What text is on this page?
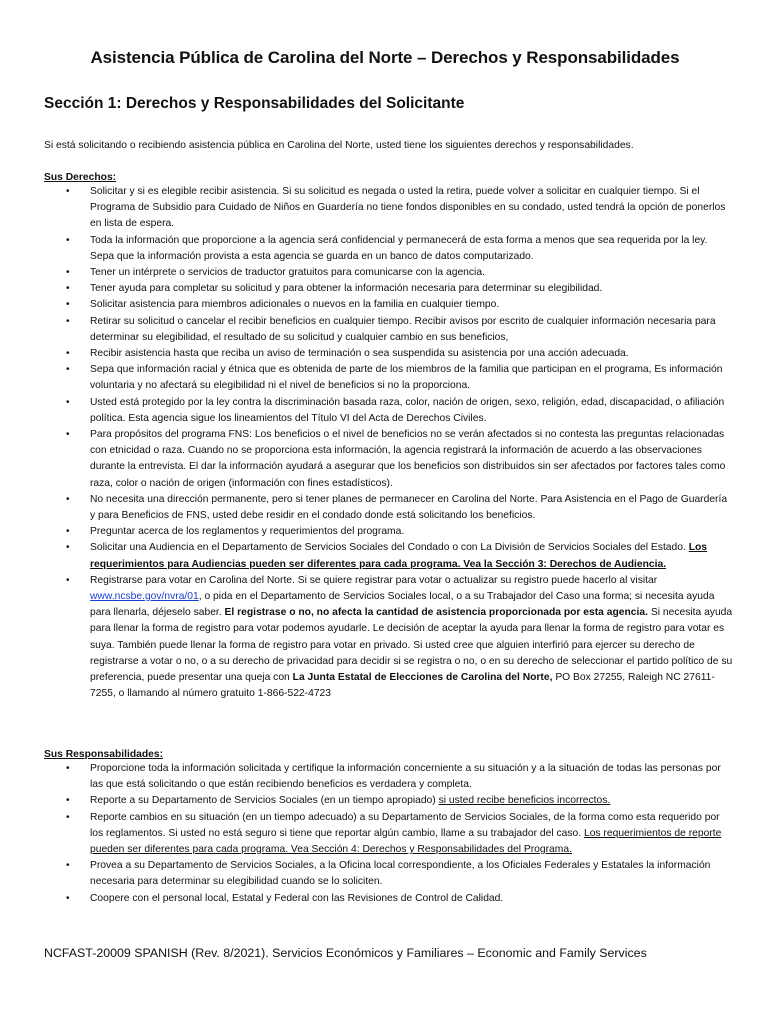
Asistencia Pública de Carolina del Norte – Derechos y Responsabilidades
Sección 1: Derechos y Responsabilidades del Solicitante
Si está solicitando o recibiendo asistencia pública en Carolina del Norte, usted tiene los siguientes derechos y responsabilidades.
Sus Derechos:
• Solicitar y si es elegible recibir asistencia. Si su solicitud es negada o usted la retira, puede volver a solicitar en cualquier tiempo. Si el Programa de Subsidio para Cuidado de Niños en Guardería no tiene fondos disponibles en su condado, usted tendrá la opción de ponerlos en lista de espera.
• Toda la información que proporcione a la agencia será confidencial y permanecerá de esta forma a menos que sea requerida por la ley. Sepa que la información provista a esta agencia se guarda en un banco de datos computarizado.
• Tener un intérprete o servicios de traductor gratuitos para comunicarse con la agencia.
• Tener ayuda para completar su solicitud y para obtener la información necesaria para determinar su elegibilidad.
• Solicitar asistencia para miembros adicionales o nuevos en la familia en cualquier tiempo.
• Retirar su solicitud o cancelar el recibir beneficios en cualquier tiempo. Recibir avisos por escrito de cualquier información necesaria para determinar su elegibilidad, el resultado de su solicitud y cualquier cambio en sus beneficios,
• Recibir asistencia hasta que reciba un aviso de terminación o sea suspendida su asistencia por una acción adecuada.
• Sepa que información racial y étnica que es obtenida de parte de los miembros de la familia que participan en el programa, Es información voluntaria y no afectará su elegibilidad ni el nivel de beneficios si no la proporciona.
• Usted está protegido por la ley contra la discriminación basada raza, color, nación de origen, sexo, religión, edad, discapacidad, o afiliación política. Esta agencia sigue los lineamientos del Título VI del Acta de Derechos Civiles.
• Para propósitos del programa FNS: Los beneficios o el nivel de beneficios no se verán afectados si no contesta las preguntas relacionadas con etnicidad o raza. Cuando no se proporciona esta información, la agencia registrará la información de acuerdo a las observaciones durante la entrevista. El dar la información ayudará a asegurar que los beneficios son distribuidos sin ser afectados por factores tales como raza, color o nación de origen (información con fines estadísticos).
• No necesita una dirección permanente, pero si tener planes de permanecer en Carolina del Norte. Para Asistencia en el Pago de Guardería y para Beneficios de FNS, usted debe residir en el condado donde está solicitando los beneficios.
• Preguntar acerca de los reglamentos y requerimientos del programa.
• Solicitar una Audiencia en el Departamento de Servicios Sociales del Condado o con La División de Servicios Sociales del Estado. Los requerimientos para Audiencias pueden ser diferentes para cada programa. Vea la Sección 3: Derechos de Audiencia.
• Registrarse para votar en Carolina del Norte. Si se quiere registrar para votar o actualizar su registro puede hacerlo al visitar www.ncsbe.gov/nvra/01, o pida en el Departamento de Servicios Sociales local, o a su Trabajador del Caso una forma; si necesita ayuda para llenarla, déjeselo saber. El registrase o no, no afecta la cantidad de asistencia proporcionada por esta agencia. Si necesita ayuda para llenar la forma de registro para votar podemos ayudarle. Le decisión de aceptar la ayuda para llenar la forma de registro para votar es suya. También puede llenar la forma de registro para votar en privado. Si usted cree que alguien interfirió para ejercer su derecho de registrarse a votar o no, o a su derecho de privacidad para decidir si se registra o no, o en su derecho de seleccionar el partido político de su preferencia, puede presentar una queja con La Junta Estatal de Elecciones de Carolina del Norte, PO Box 27255, Raleigh NC 27611-7255, o llamando al número gratuito 1-866-522-4723
Sus Responsabilidades:
• Proporcione toda la información solicitada y certifique la información concerniente a su situación y a la situación de todas las personas por las que está solicitando o que están recibiendo beneficios es verdadera y completa.
• Reporte a su Departamento de Servicios Sociales (en un tiempo apropiado) si usted recibe beneficios incorrectos.
• Reporte cambios en su situación (en un tiempo adecuado) a su Departamento de Servicios Sociales, de la forma como esta requerido por los reglamentos. Si usted no está seguro si tiene que reportar algún cambio, llame a su trabajador del caso. Los requerimientos de reporte pueden ser diferentes para cada programa. Vea Sección 4: Derechos y Responsabilidades del Programa.
• Provea a su Departamento de Servicios Sociales, a la Oficina local correspondiente, a los Oficiales Federales y Estatales la información necesaria para determinar su elegibilidad cuando se lo soliciten.
• Coopere con el personal local, Estatal y Federal con las Revisiones de Control de Calidad.
NCFAST-20009 SPANISH (Rev. 8/2021). Servicios Económicos y Familiares – Economic and Family Services
